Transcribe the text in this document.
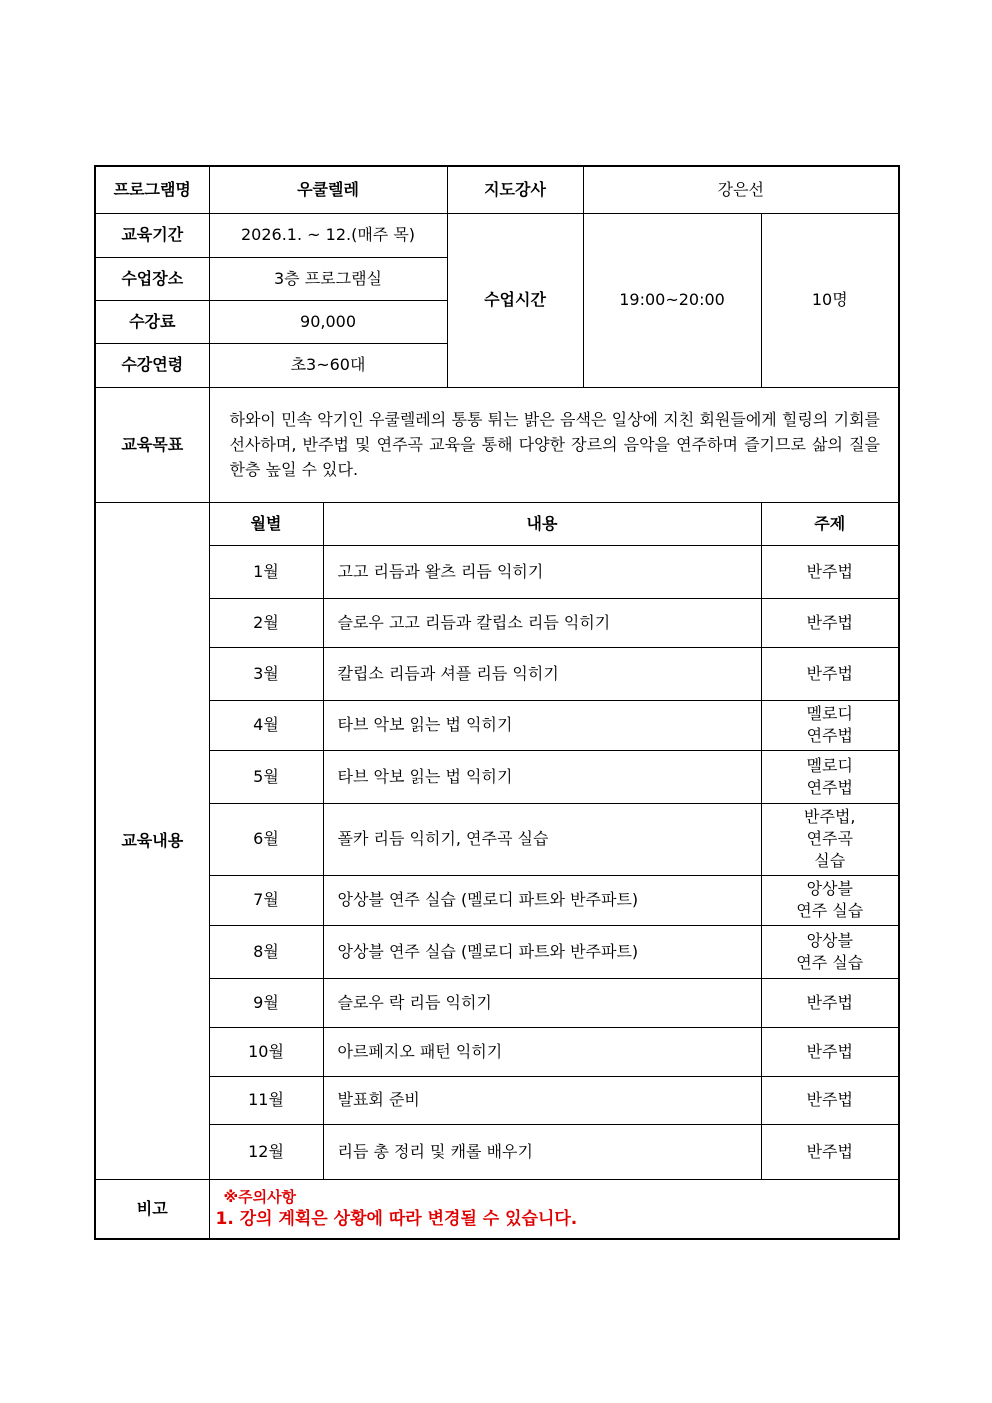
프로그램명	우쿨렐레		지도강사	강은선	
교육기간	2026.1. ~ 12.(매주 목)		수업시간	19:00~20:00	10명
수업장소	3층 프로그램실				
수강료	90,000				
수강연령	초3~60대				
교육목표	하와이 민속 악기인 우쿨렐레의 통통 튀는 밝은 음색은 일상에 지친 회원들에게 힐링의 기회를 선사하며, 반주법 및 연주곡 교육을 통해 다양한 장르의 음악을 연주하며 즐기므로 삶의 질을 한층 높일 수 있다.				
교육내용	월별	내용			주제
	1월	고고 리듬과 왈츠 리듬 익히기			반주법
	2월	슬로우 고고 리듬과 칼립소 리듬 익히기			반주법
	3월	칼립소 리듬과 셔플 리듬 익히기			반주법
	4월	타브 악보 읽는 법 익히기			멜로디
연주법
	5월	타브 악보 읽는 법 익히기			멜로디
연주법
	6월	폴카 리듬 익히기, 연주곡 실습			반주법,
연주곡
실습
	7월	앙상블 연주 실습 (멜로디 파트와 반주파트)			앙상블
연주 실습
	8월	앙상블 연주 실습 (멜로디 파트와 반주파트)			앙상블
연주 실습
	9월	슬로우 락 리듬 익히기			반주법
	10월	아르페지오 패턴 익히기			반주법
	11월	발표회 준비			반주법
	12월	리듬 총 정리 및 캐롤 배우기			반주법
비고	※주의사항
1. 강의 계획은 상황에 따라 변경될 수 있습니다.				
